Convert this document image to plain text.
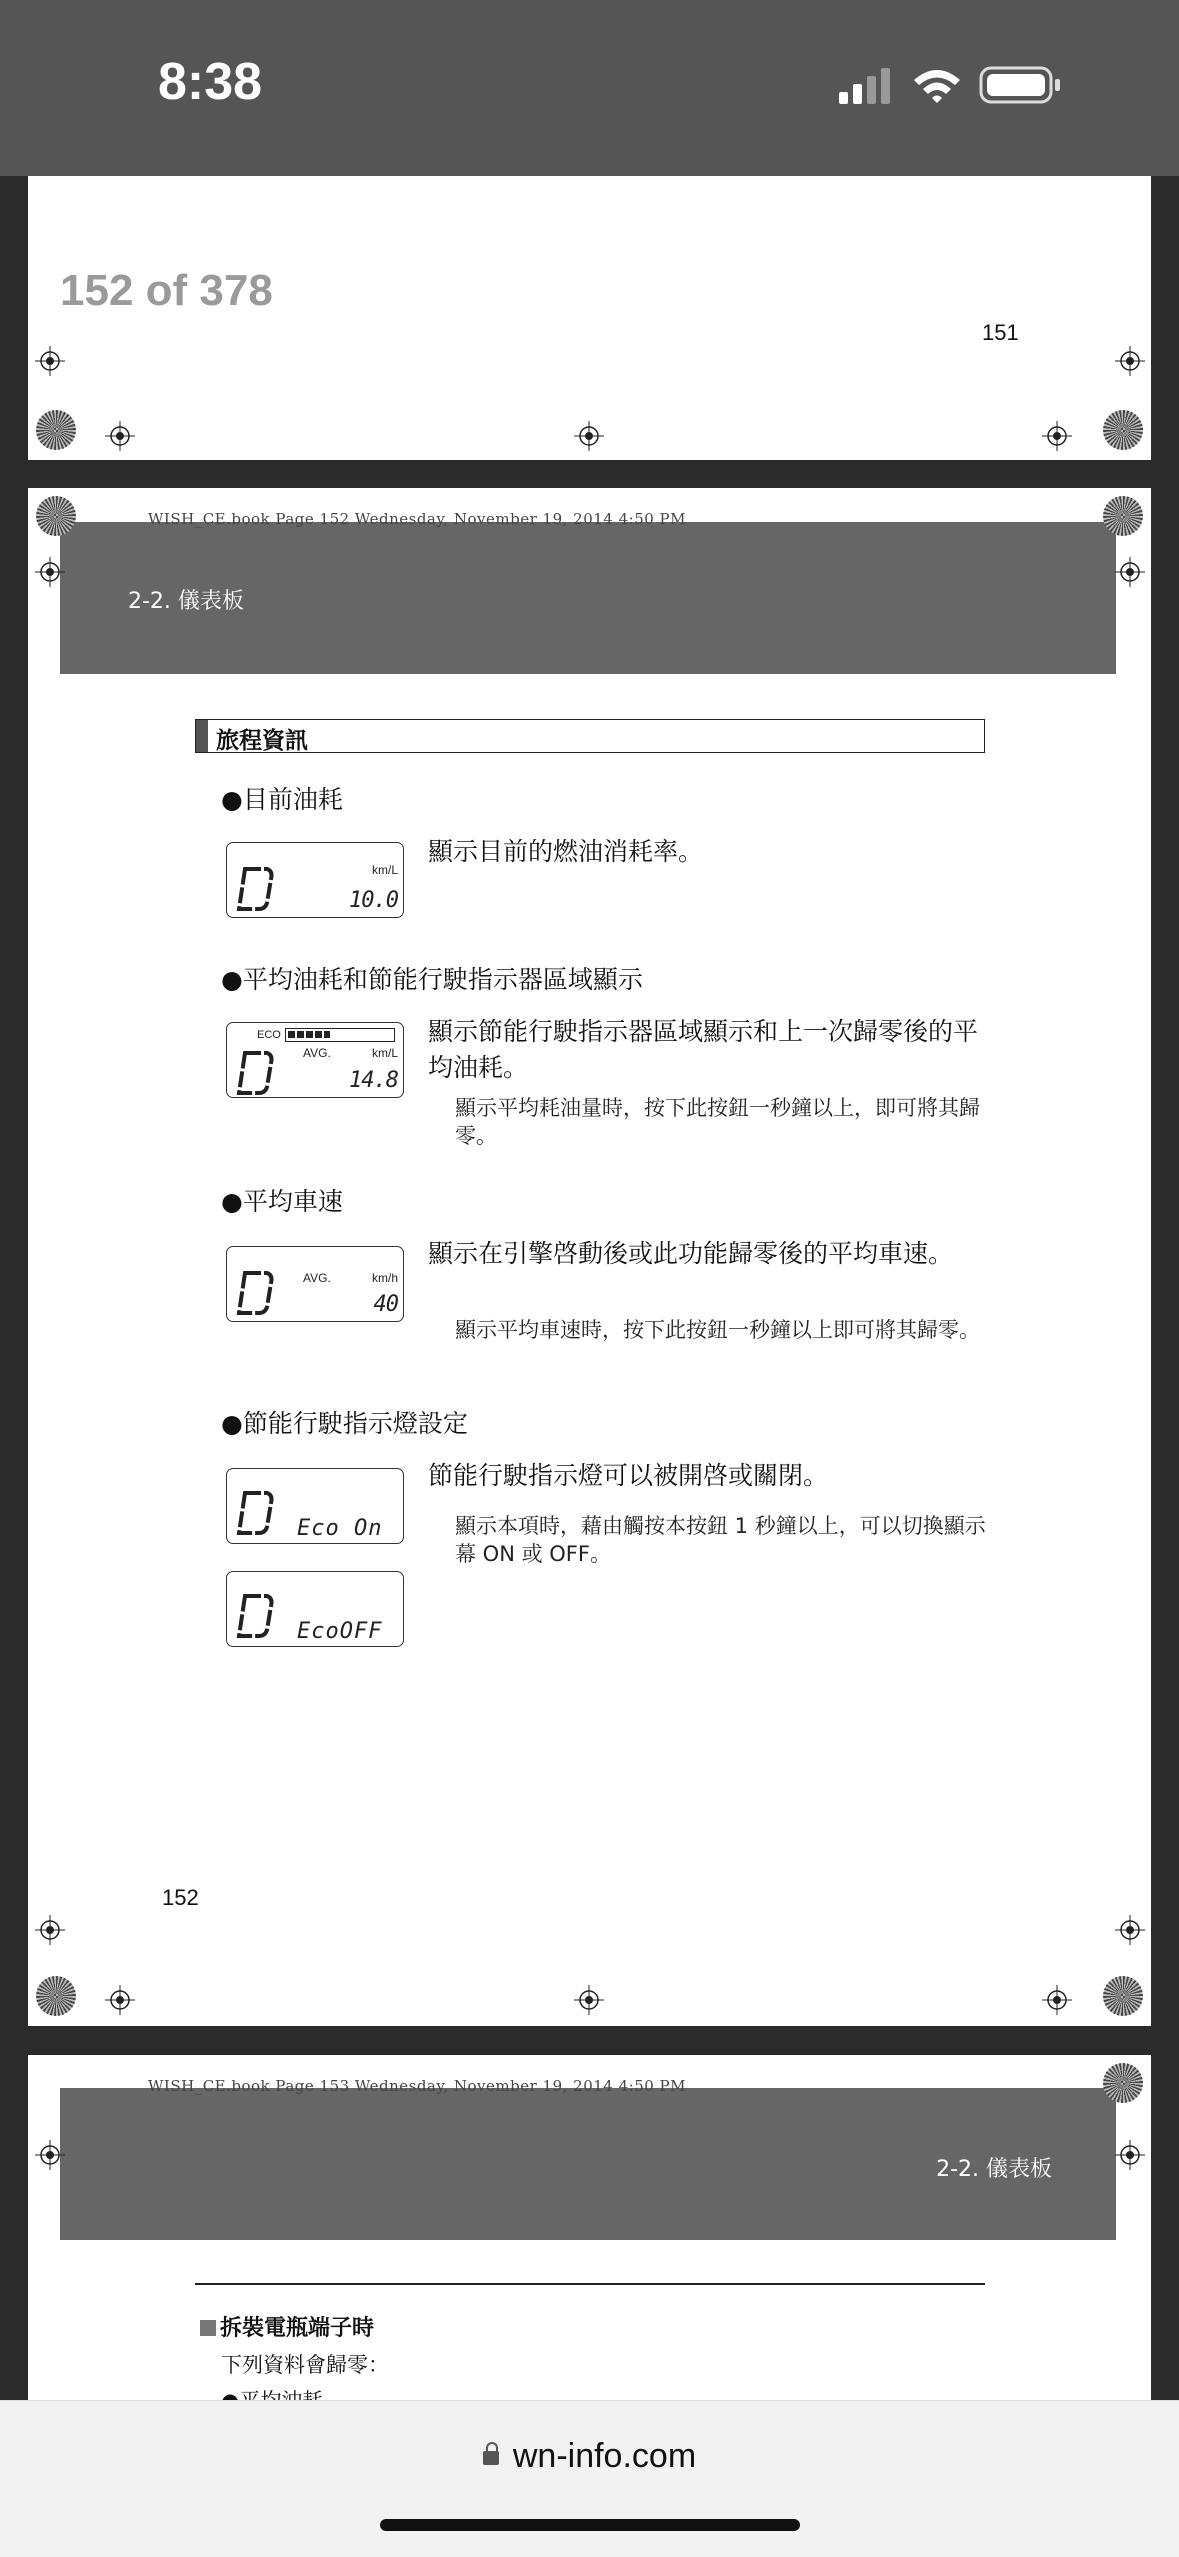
8:38
152 of 378
151
2-2. 儀表板
WISH_CE.book Page 152 Wednesday, November 19, 2014 4:50 PM
旅程資訊
●目前油耗
km/L
10.0
顯示目前的燃油消耗率。
●平均油耗和節能行駛指示器區域顯示
ECO
AVG.	km/L
14.8
顯示節能行駛指示器區域顯示和上一次歸零後的平均油耗。
顯示平均耗油量時，按下此按鈕一秒鐘以上，即可將其歸零。
●平均車速
AVG.	km/h
40
顯示在引擎啓動後或此功能歸零後的平均車速。
顯示平均車速時，按下此按鈕一秒鐘以上即可將其歸零。
●節能行駛指示燈設定
Eco On
EcoOFF
節能行駛指示燈可以被開啓或關閉。
顯示本項時，藉由觸按本按鈕 1 秒鐘以上，可以切換顯示幕 ON 或 OFF。
152
2-2. 儀表板
WISH_CE.book Page 153 Wednesday, November 19, 2014 4:50 PM
拆裝電瓶端子時
下列資料會歸零：
wn-info.com
